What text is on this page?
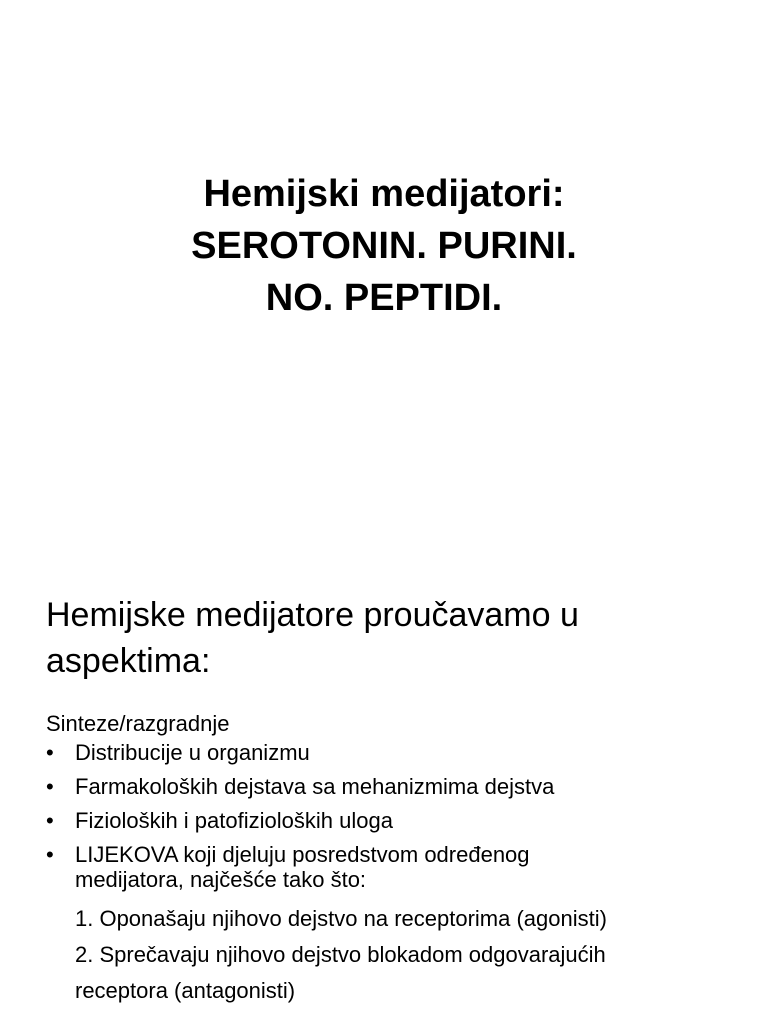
Hemijski medijatori:
SEROTONIN. PURINI.
NO. PEPTIDI.
Hemijske medijatore proučavamo u
aspektima:
Sinteze/razgradnje
• Distribucije u organizmu
• Farmakoloških dejstava sa mehanizmima dejstva
• Fizioloških i patofizioloških uloga
• LIJEKOVA koji djeluju posredstvom određenog
medijatora, najčešće tako što:
1. Oponašaju njihovo dejstvo na receptorima (agonisti)
2. Sprečavaju njihovo dejstvo blokadom odgovarajućih
receptora (antagonisti)
